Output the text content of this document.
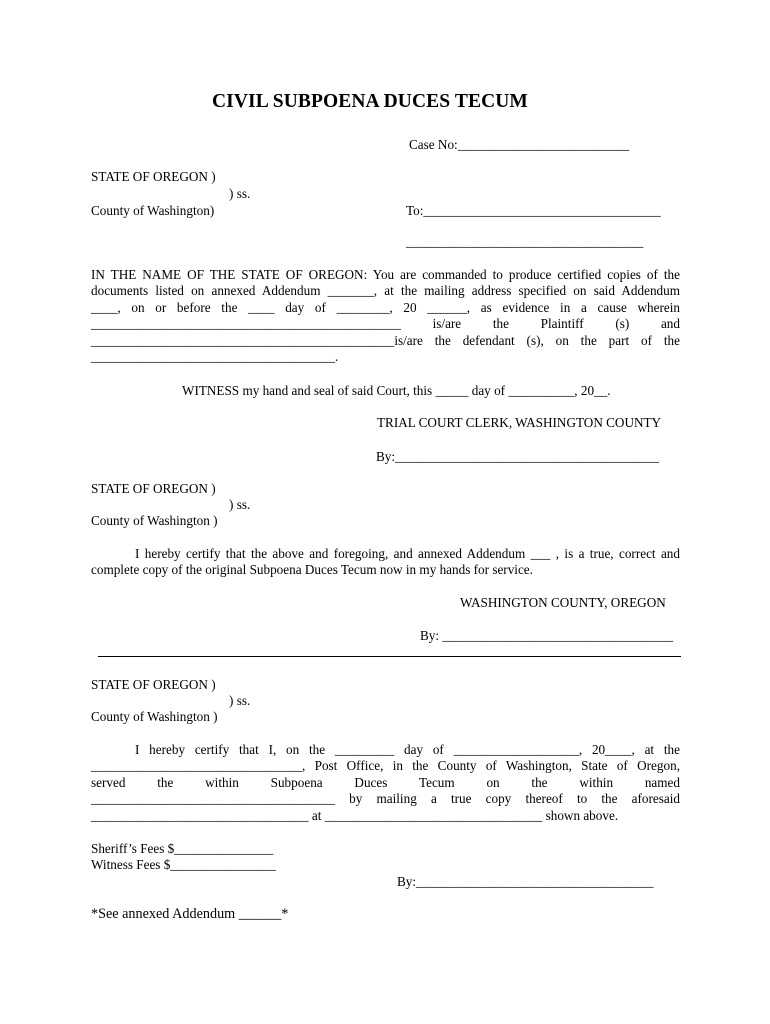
CIVIL SUBPOENA DUCES TECUM
Case No:__________________________
STATE OF OREGON )
) ss.
County of Washington)	To:____________________________________
____________________________________
IN THE NAME OF THE STATE OF OREGON: You are commanded to produce certified copies of the
documents listed on annexed Addendum _______, at the mailing address specified on said Addendum
____, on or before the ____ day of ________, 20 ______, as evidence in a cause wherein
_______________________________________________ is/are the Plaintiff (s) and
______________________________________________is/are the defendant (s), on the part of the
_____________________________________.
WITNESS my hand and seal of said Court, this _____ day of __________, 20__.
TRIAL COURT CLERK, WASHINGTON COUNTY
By:________________________________________
STATE OF OREGON )
) ss.
County of Washington )
I hereby certify that the above and foregoing, and annexed Addendum ___ , is a true, correct and
complete copy of the original Subpoena Duces Tecum now in my hands for service.
WASHINGTON COUNTY, OREGON
By: ___________________________________
STATE OF OREGON )
) ss.
County of Washington )
I hereby certify that I, on the _________ day of ___________________, 20____, at the
________________________________, Post Office, in the County of Washington, State of Oregon,
served the within Subpoena Duces Tecum on the within named
_____________________________________ by mailing a true copy thereof to the aforesaid
_________________________________ at _________________________________ shown above.
Sheriff’s Fees $_______________
Witness Fees $________________
By:____________________________________
*See annexed Addendum ______*
